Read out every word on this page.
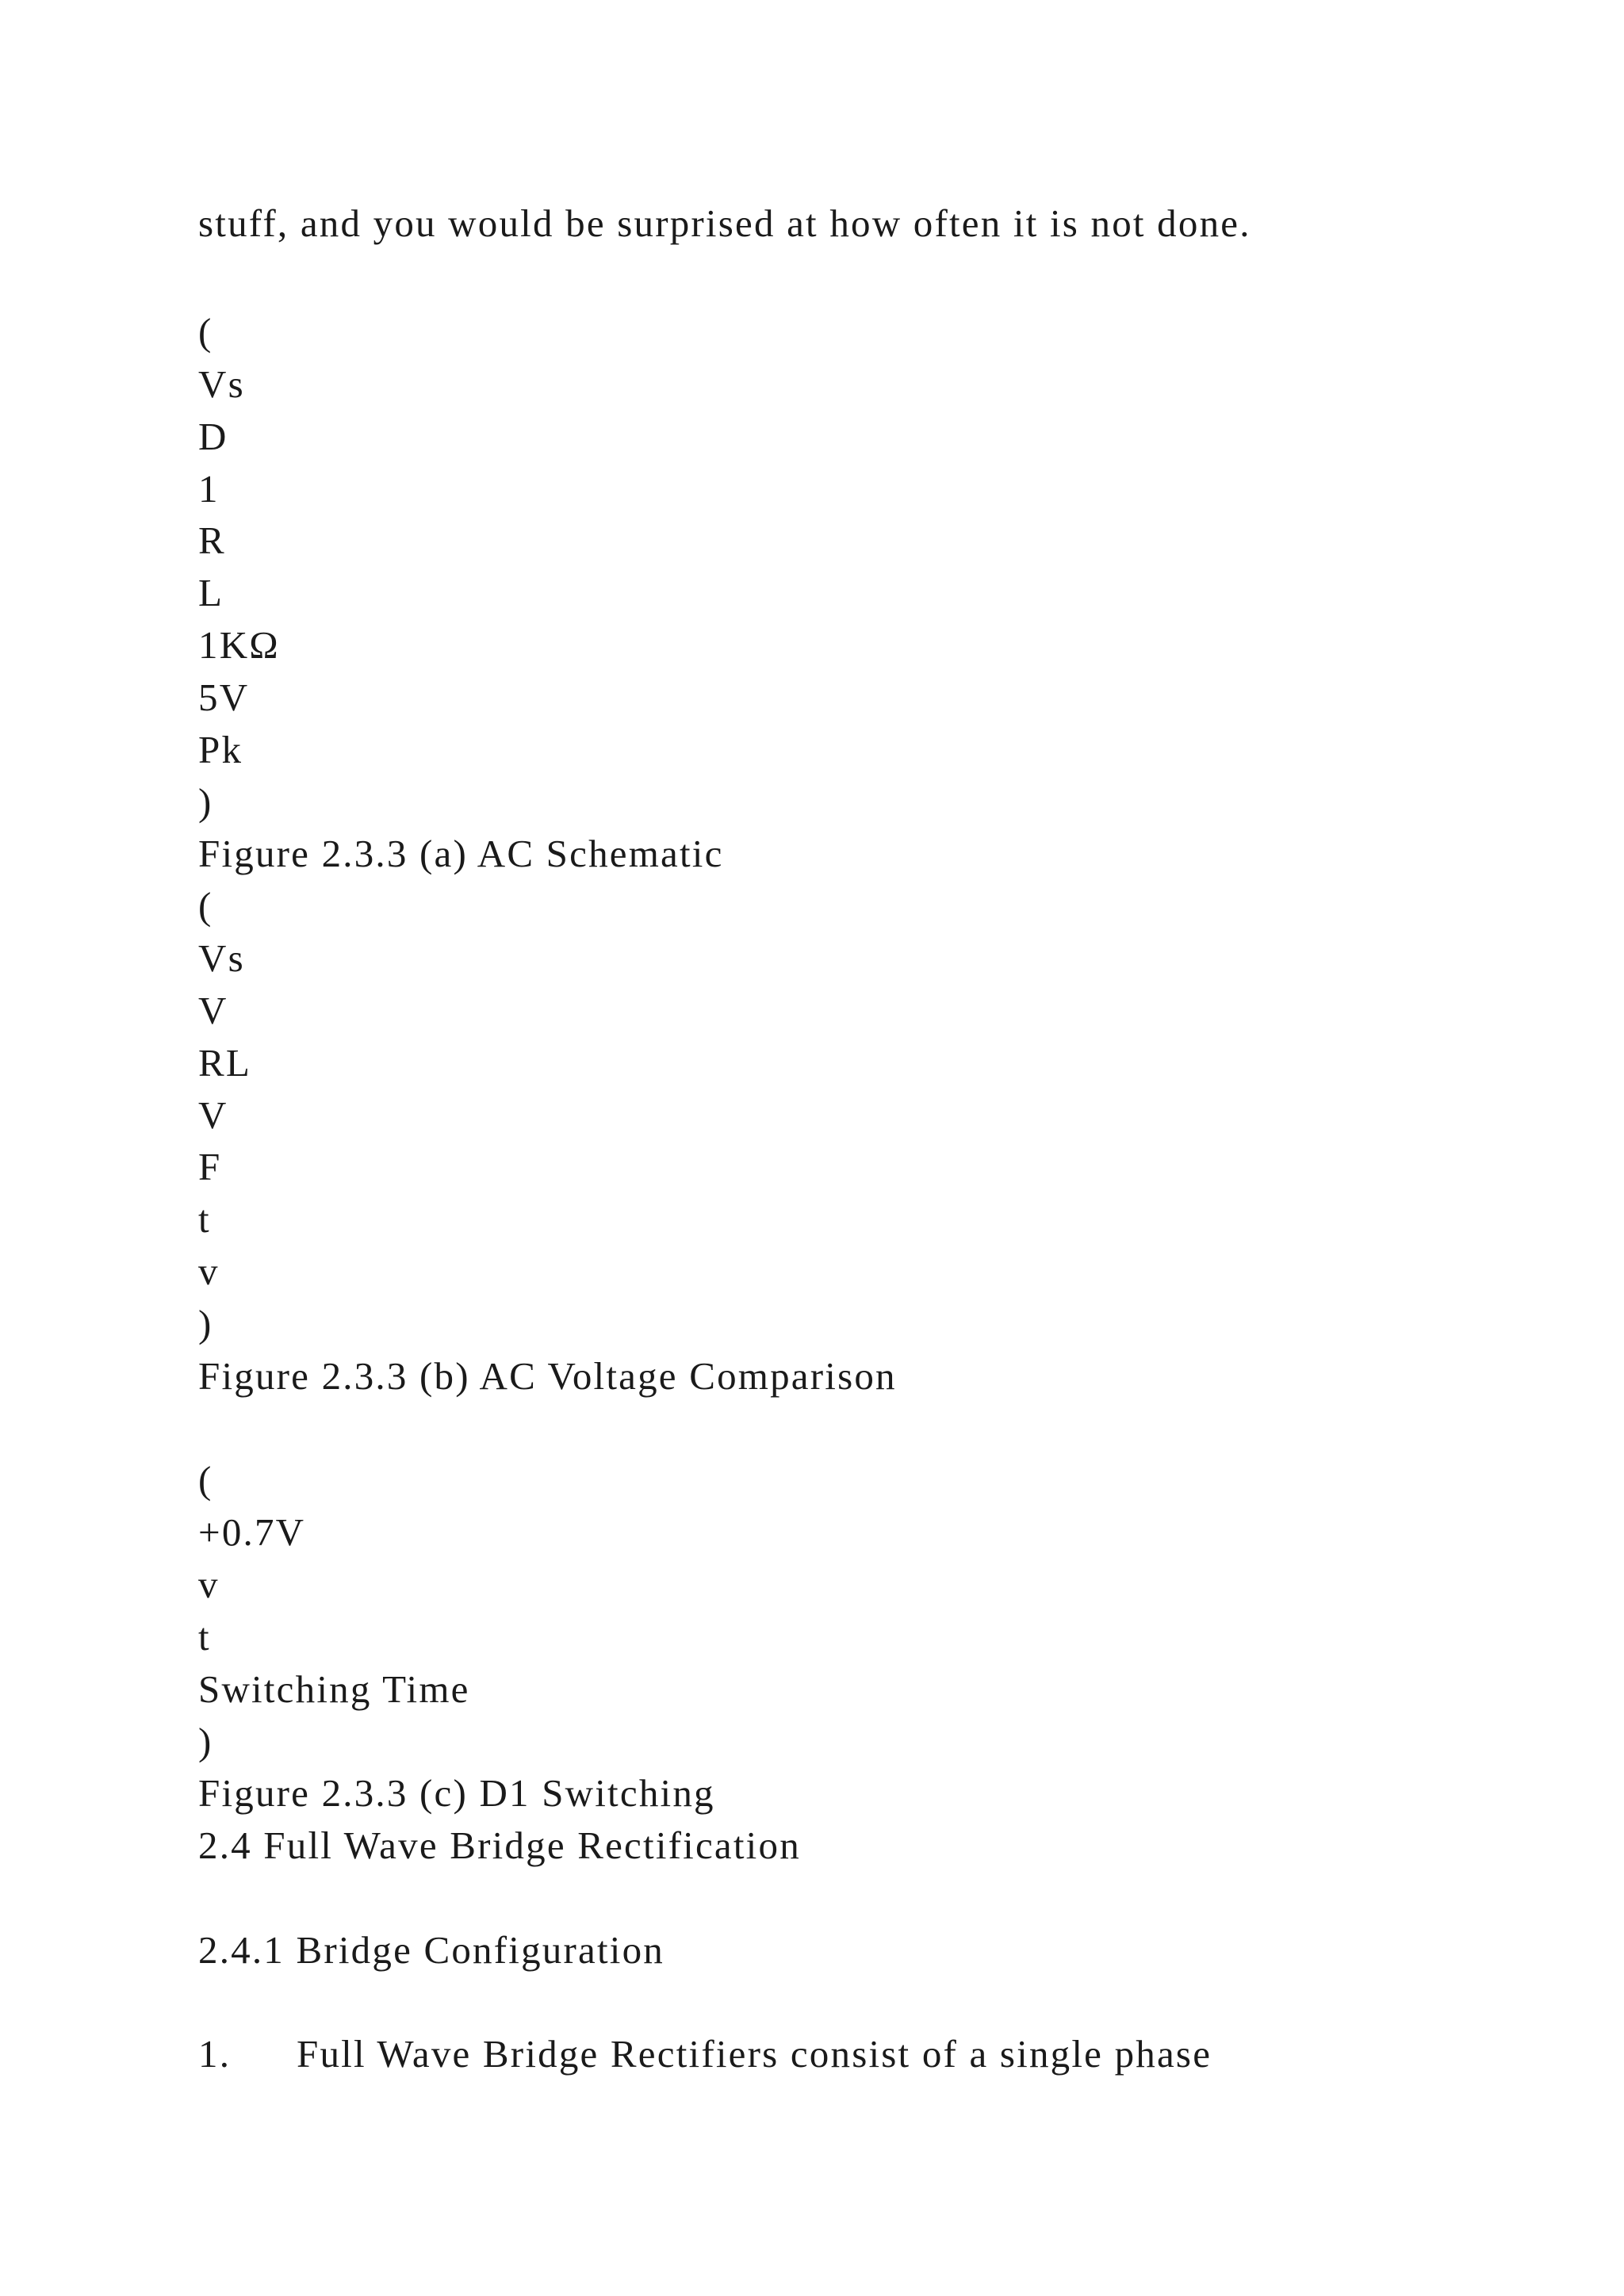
stuff, and you would be surprised at how often it is not done.
(
Vs
D
1
R
L
1KΩ
5V
Pk
)
Figure 2.3.3 (a) AC Schematic
(
Vs
V
RL
V
F
t
v
)
Figure 2.3.3 (b) AC Voltage Comparison
(
+0.7V
v
t
Switching Time
)
Figure 2.3.3 (c) D1 Switching
2.4 Full Wave Bridge Rectification
2.4.1 Bridge Configuration
1. Full Wave Bridge Rectifiers consist of a single phase
